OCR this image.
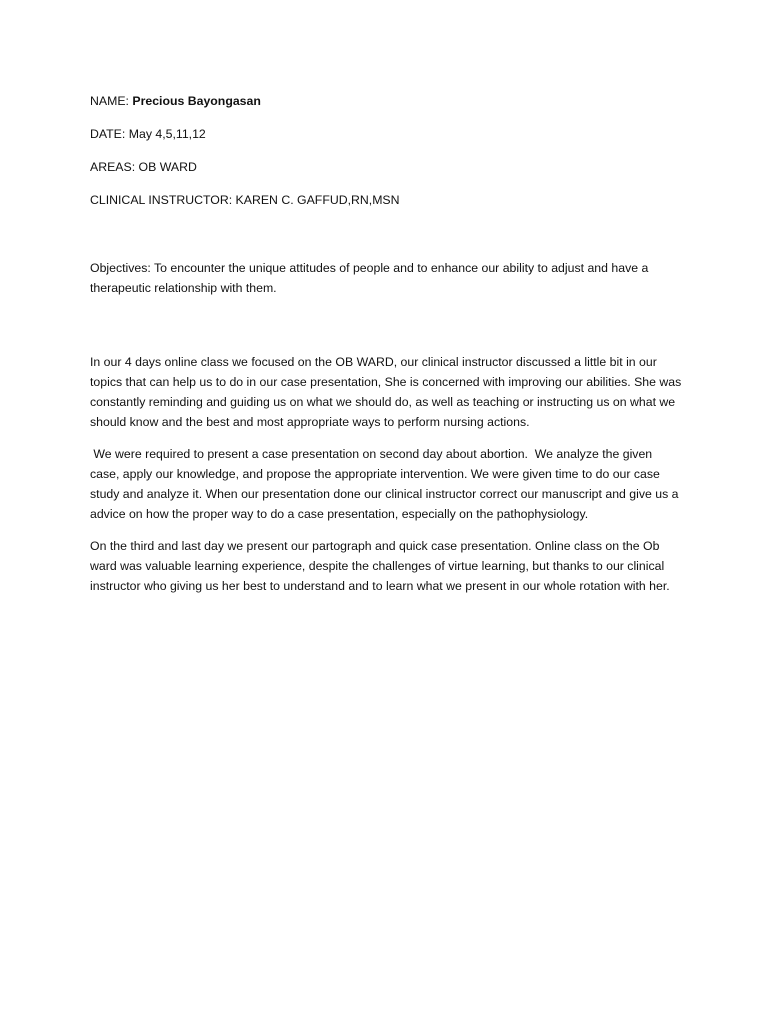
NAME: Precious Bayongasan

DATE: May 4,5,11,12

AREAS: OB WARD

CLINICAL INSTRUCTOR: KAREN C. GAFFUD,RN,MSN

Objectives: To encounter the unique attitudes of people and to enhance our ability to adjust and have a therapeutic relationship with them.

In our 4 days online class we focused on the OB WARD, our clinical instructor discussed a little bit in our topics that can help us to do in our case presentation, She is concerned with improving our abilities. She was constantly reminding and guiding us on what we should do, as well as teaching or instructing us on what we should know and the best and most appropriate ways to perform nursing actions.

We were required to present a case presentation on second day about abortion.  We analyze the given case, apply our knowledge, and propose the appropriate intervention. We were given time to do our case study and analyze it. When our presentation done our clinical instructor correct our manuscript and give us a advice on how the proper way to do a case presentation, especially on the pathophysiology.

On the third and last day we present our partograph and quick case presentation. Online class on the Ob ward was valuable learning experience, despite the challenges of virtue learning, but thanks to our clinical instructor who giving us her best to understand and to learn what we present in our whole rotation with her.
